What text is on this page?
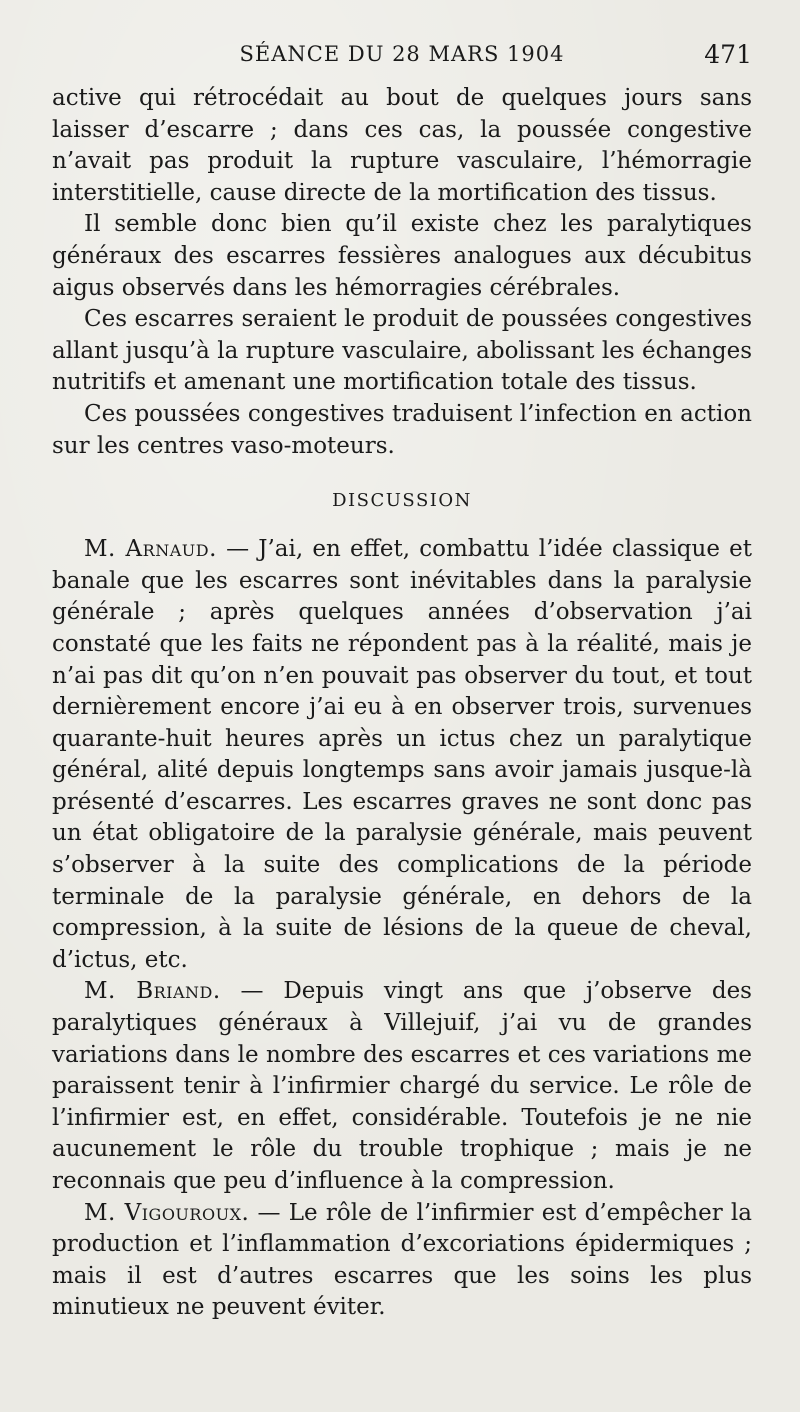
SÉANCE DU 28 MARS 1904	471

active qui rétrocédait au bout de quelques jours sans laisser d’escarre ; dans ces cas, la poussée congestive n’avait pas produit la rupture vasculaire, l’hémorragie interstitielle, cause directe de la mortification des tissus.

Il semble donc bien qu’il existe chez les paralytiques généraux des escarres fessières analogues aux décubitus aigus observés dans les hémorragies cérébrales.

Ces escarres seraient le produit de poussées congestives allant jusqu’à la rupture vasculaire, abolissant les échanges nutritifs et amenant une mortification totale des tissus.

Ces poussées congestives traduisent l’infection en action sur les centres vaso-moteurs.

DISCUSSION

M. Arnaud. — J’ai, en effet, combattu l’idée classique et banale que les escarres sont inévitables dans la paralysie générale ; après quelques années d’observation j’ai constaté que les faits ne répondent pas à la réalité, mais je n’ai pas dit qu’on n’en pouvait pas observer du tout, et tout dernièrement encore j’ai eu à en observer trois, survenues quarante-huit heures après un ictus chez un paralytique général, alité depuis longtemps sans avoir jamais jusque-là présenté d’escarres. Les escarres graves ne sont donc pas un état obligatoire de la paralysie générale, mais peuvent s’observer à la suite des complications de la période terminale de la paralysie générale, en dehors de la compression, à la suite de lésions de la queue de cheval, d’ictus, etc.

M. Briand. — Depuis vingt ans que j’observe des paralytiques généraux à Villejuif, j’ai vu de grandes variations dans le nombre des escarres et ces variations me paraissent tenir à l’infirmier chargé du service. Le rôle de l’infirmier est, en effet, considérable. Toutefois je ne nie aucunement le rôle du trouble trophique ; mais je ne reconnais que peu d’influence à la compression.

M. Vigouroux. — Le rôle de l’infirmier est d’empêcher la production et l’inflammation d’excoriations épidermiques ; mais il est d’autres escarres que les soins les plus minutieux ne peuvent éviter.
